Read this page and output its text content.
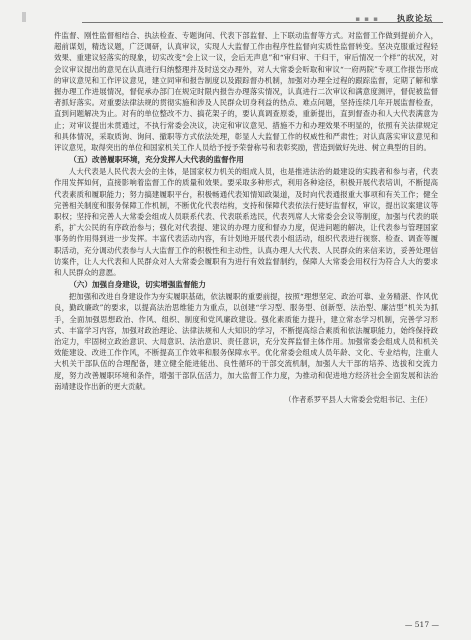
▪ ▪ ▪ 执政论坛

件监督、刚性监督相结合、执法检查、专题询问、代表下部监督、上下联动监督等方式。对监督工作做到提前介入，超前谋划，精选议题，广泛调研，认真审议，实现人大监督工作由程序性监督向实质性监督转变。坚决克服重过程轻效果、重建议轻落实的现象，切实改变“会上议一议，会后无声息”和“审归审、干归干，审后情况一个样”的状况，对会议审议提出的意见在认真进行归纳整理并及时送交办理外，对人大常委会听取和审议“一府两院”专项工作报告形成的审议意见和工作评议意见，建立同审和报告制度以及跟踪督办机制，加强对办理全过程的跟踪监督，定期了解和掌握办理工作进展情况，督促承办部门在规定时限内报告办理落实情况，认真进行二次审议和满意度测评，督促被监督者抓好落实。对重要法律法规的贯彻实施和涉及人民群众切身利益的热点、难点问题，坚持连续几年开展监督检查，直到问题解决为止。对有的单位整改不力、搞花架子的，要认真调查原委，重新提出，直到督查办和人大代表满意为止；对审议提出未贯通过，不执行常委会决议，决定和审议意见、措施不力和办理效果不明显的，依照有关法律规定和具体情况，采取质询、询问、撤职等方式依法处理，彰显人大监督工作的权威性和严肃性；对认真落实审议意见和评议意见，取得突出的单位和国家机关工作人员给予授予荣誉称号和表彰奖励，营造到做好先进、树立典型的目的。

（五）改善履职环境，充分发挥人大代表的监督作用

人大代表是人民代表大会的主体，是国家权力机关的组成人员，也是推进法治的最建设的实践者和参与者，代表作用发挥如何，直接影响着监督工作的质量和效果。要采取多种形式，利用各种途径，积极开展代表培训，不断提高代表素质和履职能力；努力搞建履职平台，积极畅通代表知情知政渠道，及时向代表通报重大事项和有关工作；健全完善相关制度和服务保障工作机制，不断优化代表结构，支持和保障代表依法行使好监督权，审议，提出议案建议等职权；坚持和完善人大常委会组成人员联系代表、代表联系选民，代表列席人大常委会会议等制度，加强与代表的联系，扩大公民的有序政治参与；强化对代表提、建议的办理力度和督办力度，促进问题的解决，让代表参与管理国家事务的作用得到进一步发挥。丰富代表活动内容，有计划地开展代表小组活动，组织代表进行视察、检查、调查等履职活动，充分调动代表参与人大监督工作的积极性和主动性，认真办理人大代表、人民群众的来信来访，妥善处理信访案件，让人大代表和人民群众对人大常委会履职有为进行有效监督制约，保障人大常委会用权行为符合人大的要求和人民群众的意愿。

（六）加强自身建设，切实增强监督能力

把加强和改进自身建设作为夯实履职基础，依法履职的重要前提，按照“理想坚定、政治可靠、业务精湛、作风优良，勤政廉政”的要求，以提高法治思维能力为重点，以创建“学习型、服务型、创新型、法治型、廉洁型”机关为抓手，全面加强思想政治、作风、组织、制度和党风廉政建设。强化素质能力提升，建立常态学习机制，完善学习形式、丰富学习内容，加强对政治理论、法律法规和人大知识的学习，不断提高综合素质和依法履职能力，始终保持政治定力，牢固树立政治意识、大局意识、法治意识、责任意识，充分发挥监督主体作用。加强常委会组成人员和机关效能建设、改进工作作风，不断提高工作效率和服务保障水平。优化常委会组成人员年龄、文化、专业结构，注重人大机关干部队伍的合理配备，建立健全能进能出、良性循环的干部交流机制，加强人大干部的培养、选拔和交流力度，努力改善履职环境和条件，增强干部队伍活力，加大监督工作力度，为推动和促进地方经济社会全面发展和法治南靖建设作出新的更大贡献。

（作者系罗平县人大常委会党组书记、主任）
— 517 —
